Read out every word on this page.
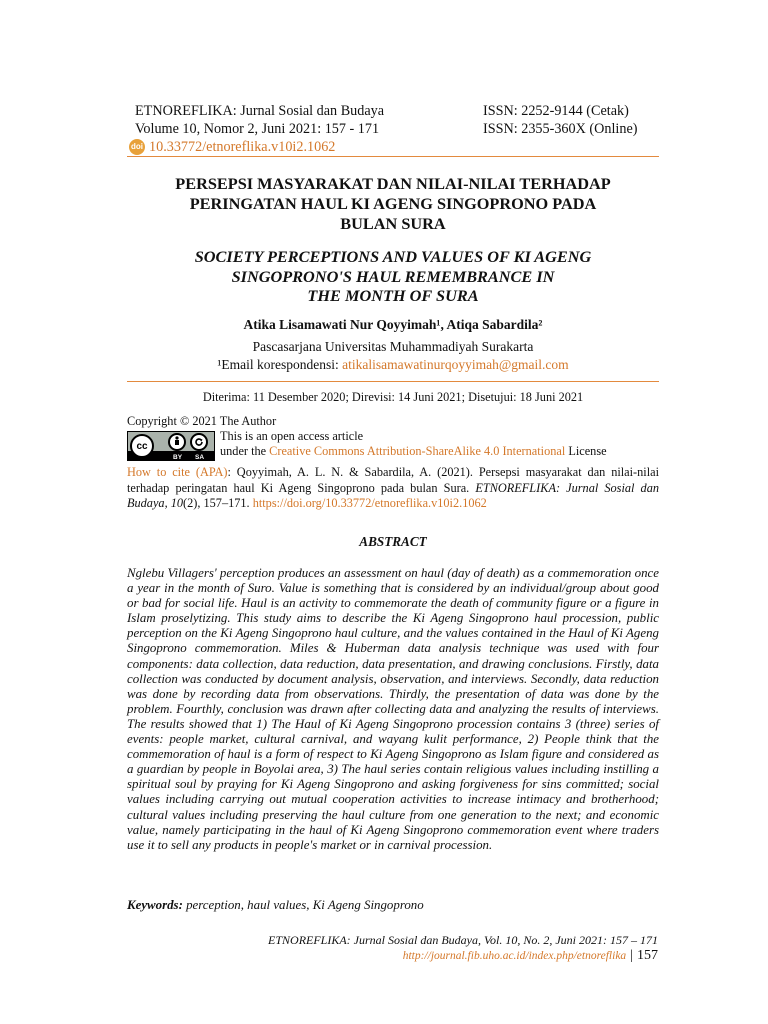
ETNOREFLIKA: Jurnal Sosial dan Budaya
Volume 10, Nomor 2, Juni 2021: 157 - 171
ISSN: 2252-9144 (Cetak)
ISSN: 2355-360X (Online)
doi 10.33772/etnoreflika.v10i2.1062
PERSEPSI MASYARAKAT DAN NILAI-NILAI TERHADAP
PERINGATAN HAUL KI AGENG SINGOPRONO PADA
BULAN SURA
SOCIETY PERCEPTIONS AND VALUES OF KI AGENG
SINGOPRONO'S HAUL REMEMBRANCE IN
THE MONTH OF SURA
Atika Lisamawati Nur Qoyyimah¹, Atiqa Sabardila²
Pascasarjana Universitas Muhammadiyah Surakarta
¹Email korespondensi: atikalisamawatinurqoyyimah@gmail.com
Diterima: 11 Desember 2020; Direvisi: 14 Juni 2021; Disetujui: 18 Juni 2021
Copyright © 2021 The Author
cc
BY SA
This is an open access article
under the Creative Commons Attribution-ShareAlike 4.0 International License
How to cite (APA): Qoyyimah, A. L. N. & Sabardila, A. (2021). Persepsi masyarakat dan nilai-nilai terhadap peringatan haul Ki Ageng Singoprono pada bulan Sura. ETNOREFLIKA: Jurnal Sosial dan Budaya, 10(2), 157–171. https://doi.org/10.33772/etnoreflika.v10i2.1062
ABSTRACT
Nglebu Villagers' perception produces an assessment on haul (day of death) as a commemoration once a year in the month of Suro. Value is something that is considered by an individual/group about good or bad for social life. Haul is an activity to commemorate the death of community figure or a figure in Islam proselytizing. This study aims to describe the Ki Ageng Singoprono haul procession, public perception on the Ki Ageng Singoprono haul culture, and the values contained in the Haul of Ki Ageng Singoprono commemoration. Miles & Huberman data analysis technique was used with four components: data collection, data reduction, data presentation, and drawing conclusions. Firstly, data collection was conducted by document analysis, observation, and interviews. Secondly, data reduction was done by recording data from observations. Thirdly, the presentation of data was done by the problem. Fourthly, conclusion was drawn after collecting data and analyzing the results of interviews. The results showed that 1) The Haul of Ki Ageng Singoprono procession contains 3 (three) series of events: people market, cultural carnival, and wayang kulit performance, 2) People think that the commemoration of haul is a form of respect to Ki Ageng Singoprono as Islam figure and considered as a guardian by people in Boyolai area, 3) The haul series contain religious values including instilling a spiritual soul by praying for Ki Ageng Singoprono and asking forgiveness for sins committed; social values including carrying out mutual cooperation activities to increase intimacy and brotherhood; cultural values including preserving the haul culture from one generation to the next; and economic value, namely participating in the haul of Ki Ageng Singoprono commemoration event where traders use it to sell any products in people's market or in carnival procession.
Keywords: perception, haul values, Ki Ageng Singoprono
ETNOREFLIKA: Jurnal Sosial dan Budaya, Vol. 10, No. 2, Juni 2021: 157 – 171
http://journal.fib.uho.ac.id/index.php/etnoreflika | 157
